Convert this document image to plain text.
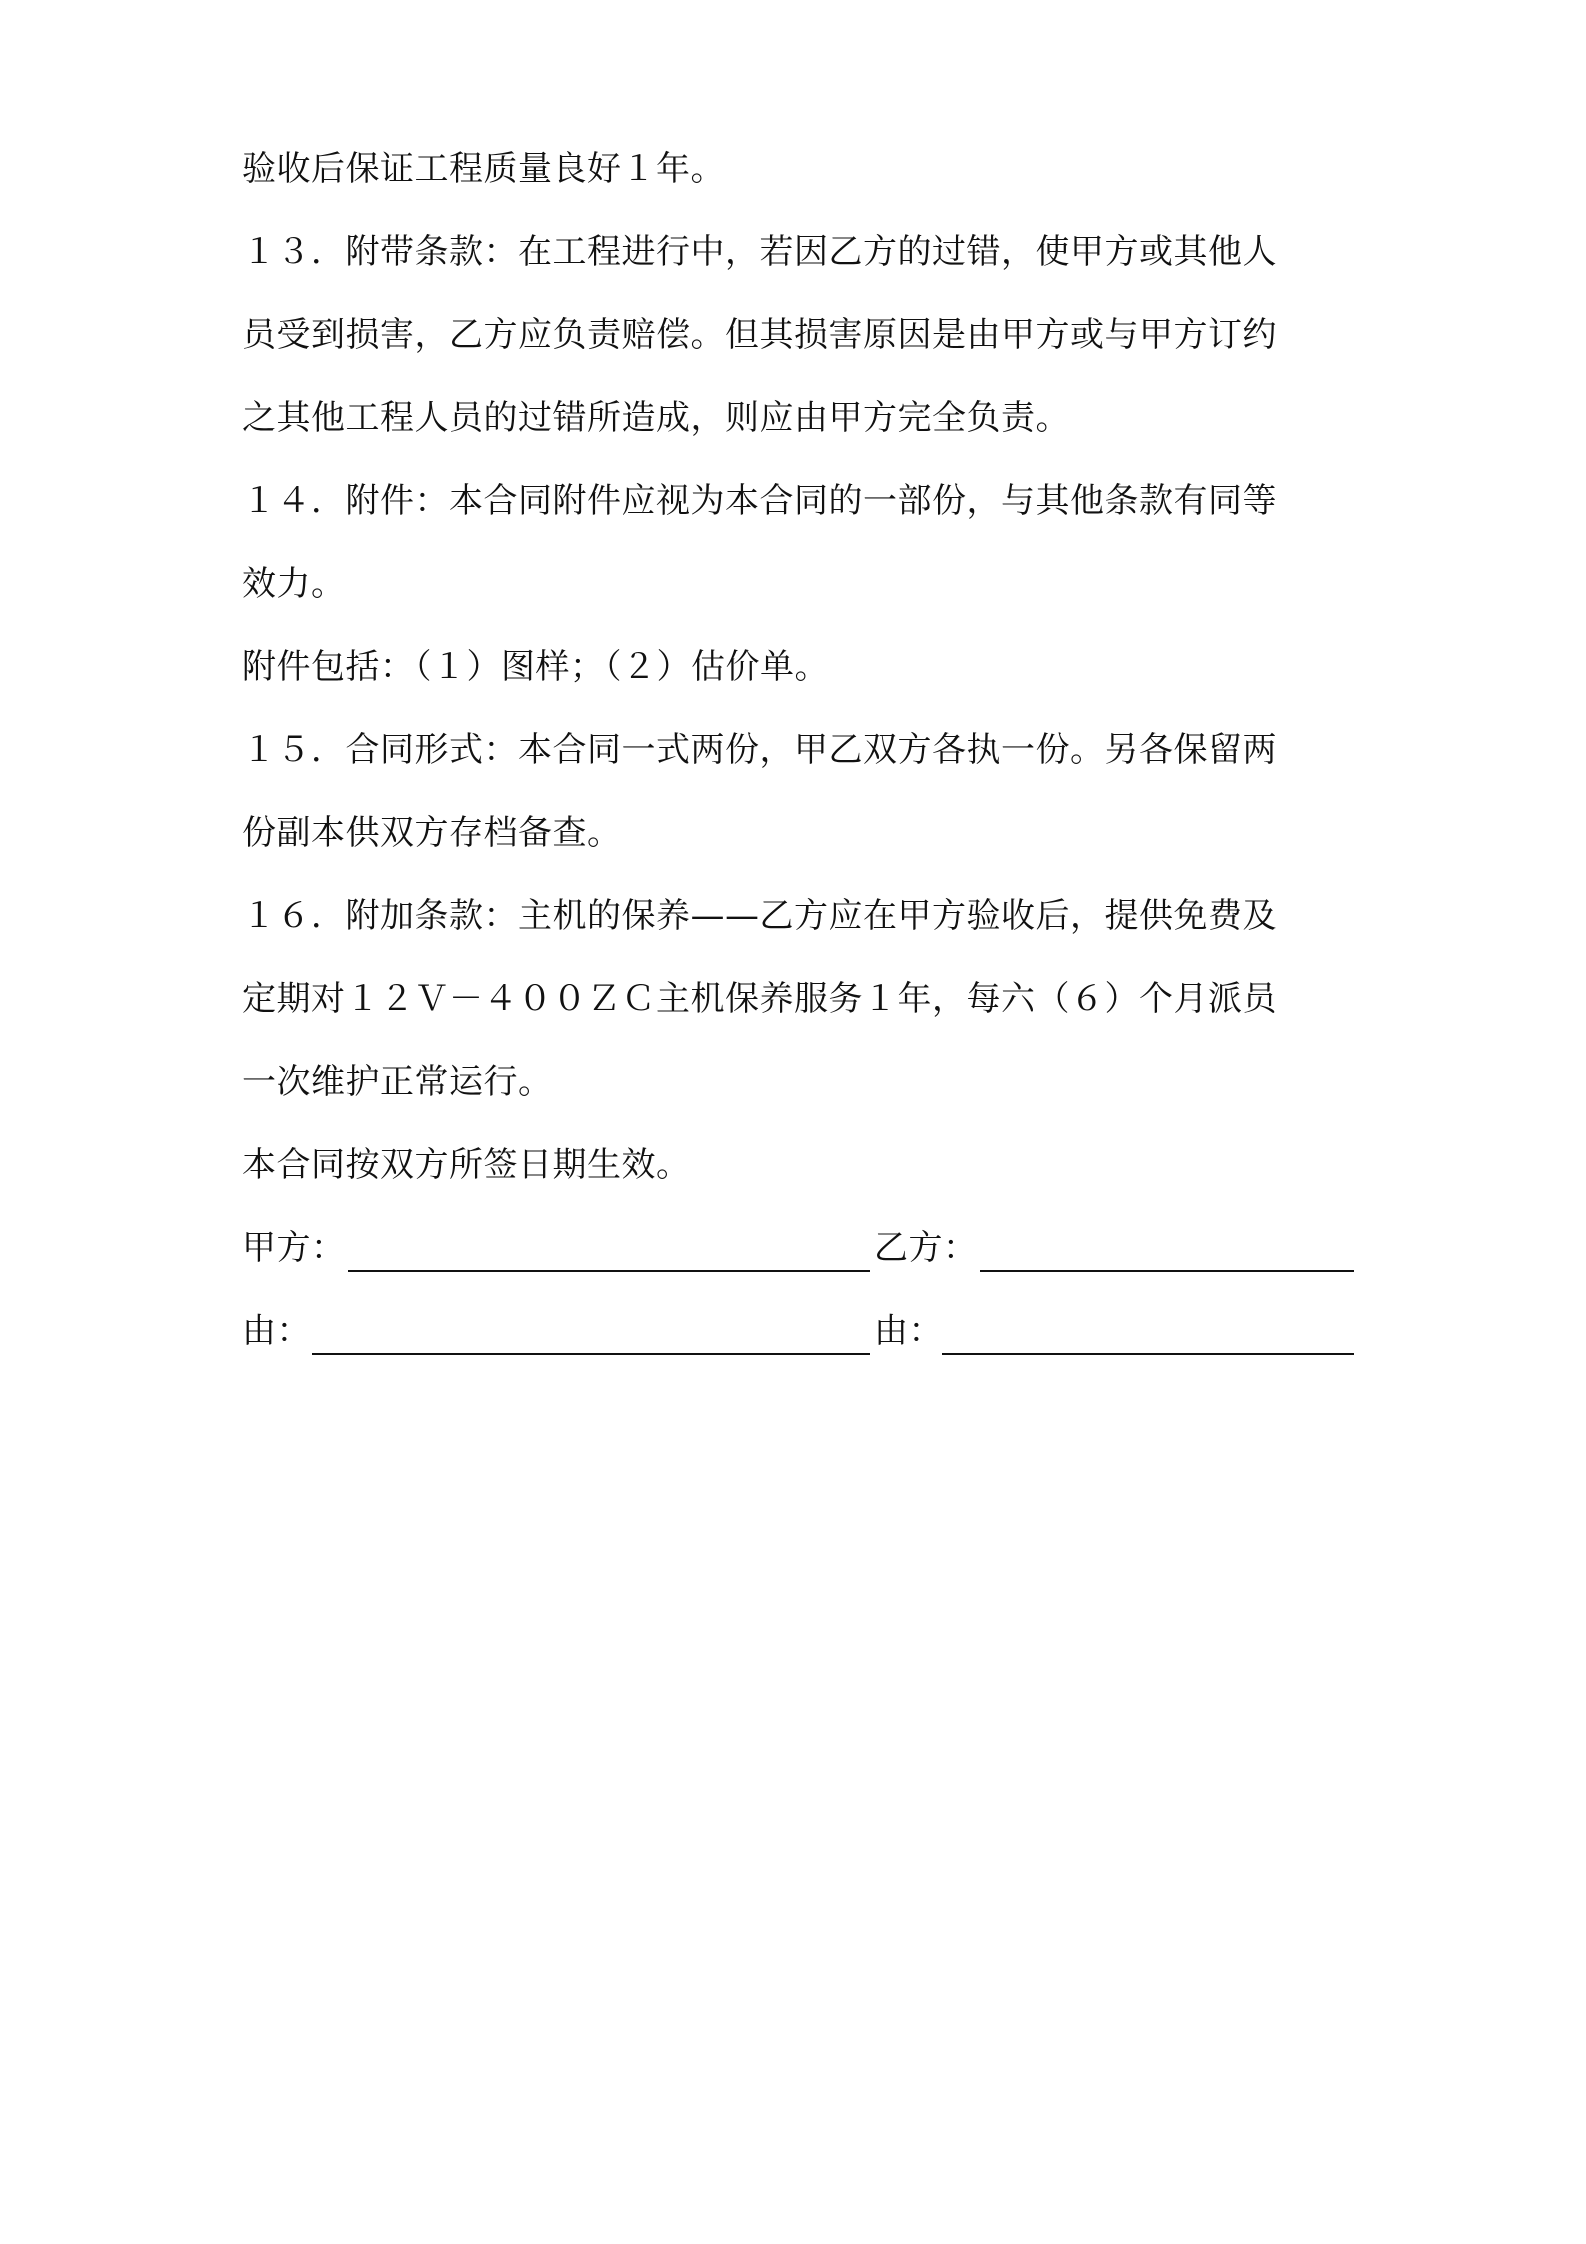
验收后保证工程质量良好１年。
１３．附带条款：在工程进行中，若因乙方的过错，使甲方或其他人
员受到损害，乙方应负责赔偿。但其损害原因是由甲方或与甲方订约
之其他工程人员的过错所造成，则应由甲方完全负责。
１４．附件：本合同附件应视为本合同的一部份，与其他条款有同等
效力。
附件包括：（１）图样；（２）估价单。
１５．合同形式：本合同一式两份，甲乙双方各执一份。另各保留两
份副本供双方存档备查。
１６．附加条款：主机的保养——乙方应在甲方验收后，提供免费及
定期对１２Ｖ－４００ＺＣ主机保养服务１年，每六（６）个月派员
一次维护正常运行。
本合同按双方所签日期生效。
甲方：	乙方：
由：	由：
